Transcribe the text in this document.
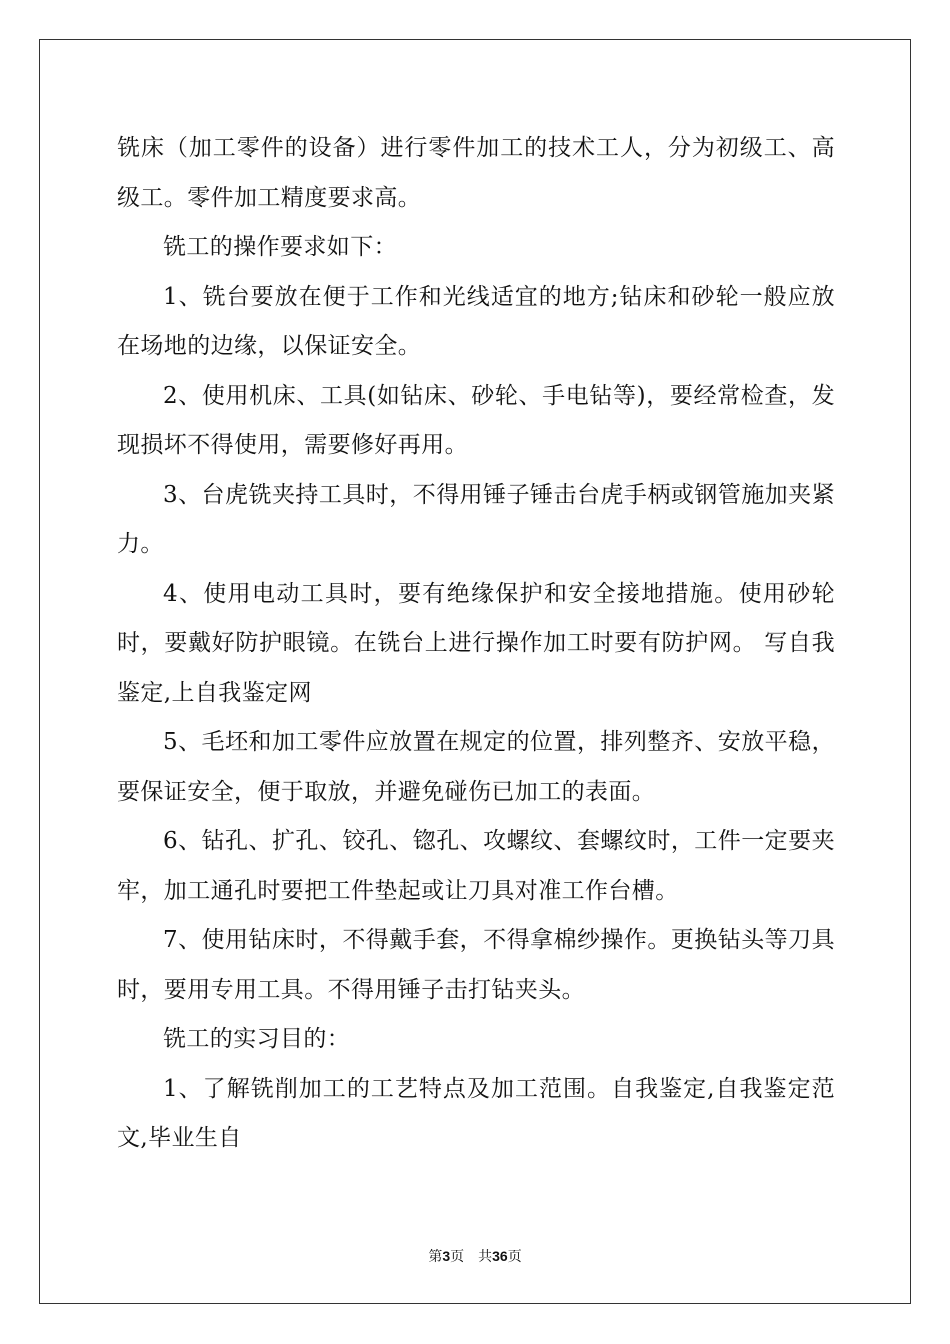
铣床（加工零件的设备）进行零件加工的技术工人，分为初级工、高级工。零件加工精度要求高。

铣工的操作要求如下：

1、铣台要放在便于工作和光线适宜的地方;钻床和砂轮一般应放在场地的边缘，以保证安全。

2、使用机床、工具(如钻床、砂轮、手电钻等)，要经常检查，发现损坏不得使用，需要修好再用。

3、台虎铣夹持工具时，不得用锤子锤击台虎手柄或钢管施加夹紧力。

4、使用电动工具时，要有绝缘保护和安全接地措施。使用砂轮时，要戴好防护眼镜。在铣台上进行操作加工时要有防护网。 写自我鉴定,上自我鉴定网

5、毛坯和加工零件应放置在规定的位置，排列整齐、安放平稳，要保证安全，便于取放，并避免碰伤已加工的表面。

6、钻孔、扩孔、铰孔、锪孔、攻螺纹、套螺纹时，工件一定要夹牢，加工通孔时要把工件垫起或让刀具对准工作台槽。

7、使用钻床时，不得戴手套，不得拿棉纱操作。更换钻头等刀具时，要用专用工具。不得用锤子击打钻夹头。

铣工的实习目的：

1、了解铣削加工的工艺特点及加工范围。自我鉴定,自我鉴定范文,毕业生自

第3页　共36页
